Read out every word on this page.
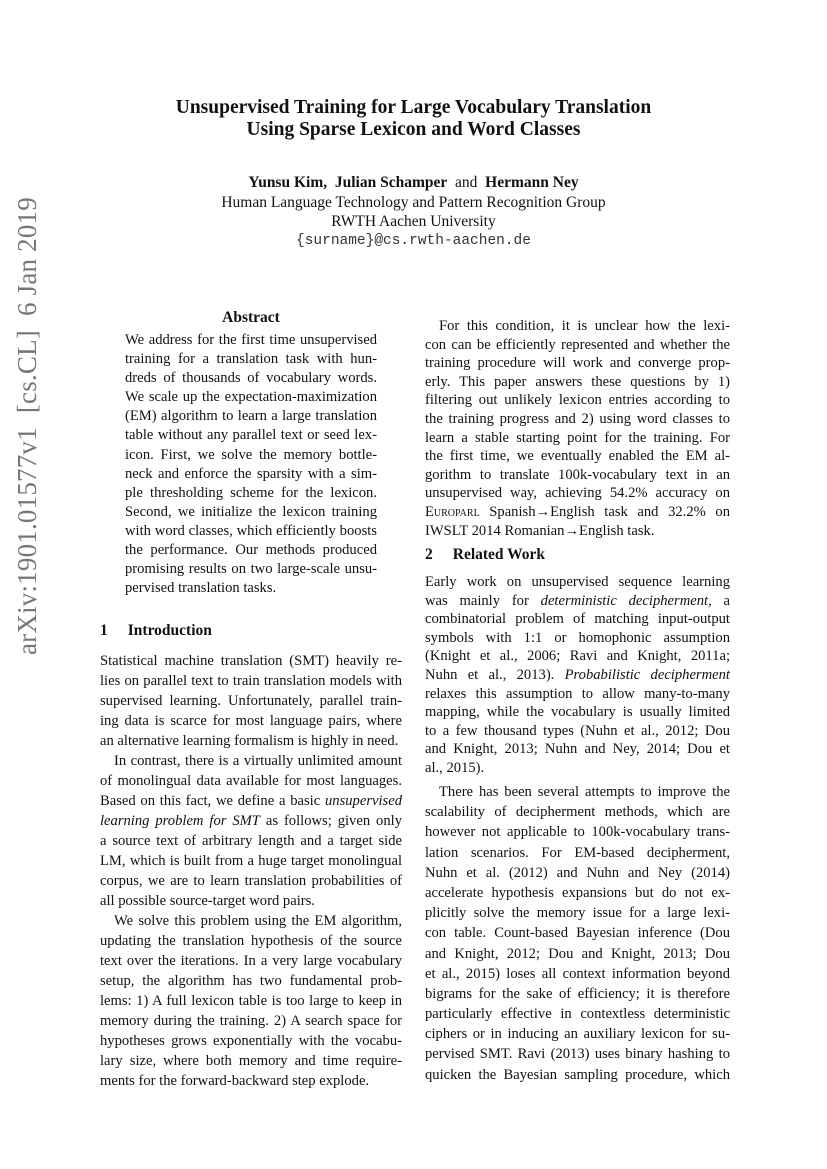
arXiv:1901.01577v1[cs.CL]6 Jan 2019
Unsupervised Training for Large Vocabulary Translation
Using Sparse Lexicon and Word Classes
Yunsu Kim, Julian Schamper and Hermann Ney
Human Language Technology and Pattern Recognition Group
RWTH Aachen University
{surname}@cs.rwth-aachen.de
Abstract
We address for the first time unsupervised
training for a translation task with hun-
dreds of thousands of vocabulary words.
We scale up the expectation-maximization
(EM) algorithm to learn a large translation
table without any parallel text or seed lex-
icon. First, we solve the memory bottle-
neck and enforce the sparsity with a sim-
ple thresholding scheme for the lexicon.
Second, we initialize the lexicon training
with word classes, which efficiently boosts
the performance. Our methods produced
promising results on two large-scale unsu-
pervised translation tasks.
1 Introduction
Statistical machine translation (SMT) heavily re-
lies on parallel text to train translation models with
supervised learning. Unfortunately, parallel train-
ing data is scarce for most language pairs, where
an alternative learning formalism is highly in need.
In contrast, there is a virtually unlimited amount
of monolingual data available for most languages.
Based on this fact, we define a basic unsupervised
learning problem for SMT as follows; given only
a source text of arbitrary length and a target side
LM, which is built from a huge target monolingual
corpus, we are to learn translation probabilities of
all possible source-target word pairs.
We solve this problem using the EM algorithm,
updating the translation hypothesis of the source
text over the iterations. In a very large vocabulary
setup, the algorithm has two fundamental prob-
lems: 1) A full lexicon table is too large to keep in
memory during the training. 2) A search space for
hypotheses grows exponentially with the vocabu-
lary size, where both memory and time require-
ments for the forward-backward step explode.
For this condition, it is unclear how the lexi-
con can be efficiently represented and whether the
training procedure will work and converge prop-
erly. This paper answers these questions by 1)
filtering out unlikely lexicon entries according to
the training progress and 2) using word classes to
learn a stable starting point for the training. For
the first time, we eventually enabled the EM al-
gorithm to translate 100k-vocabulary text in an
unsupervised way, achieving 54.2% accuracy on
Europarl Spanish→English task and 32.2% on
IWSLT 2014 Romanian→English task.
2 Related Work
Early work on unsupervised sequence learning
was mainly for deterministic decipherment, a
combinatorial problem of matching input-output
symbols with 1:1 or homophonic assumption
(Knight et al., 2006; Ravi and Knight, 2011a;
Nuhn et al., 2013). Probabilistic decipherment
relaxes this assumption to allow many-to-many
mapping, while the vocabulary is usually limited
to a few thousand types (Nuhn et al., 2012; Dou
and Knight, 2013; Nuhn and Ney, 2014; Dou et
al., 2015).
There has been several attempts to improve the
scalability of decipherment methods, which are
however not applicable to 100k-vocabulary trans-
lation scenarios. For EM-based decipherment,
Nuhn et al. (2012) and Nuhn and Ney (2014)
accelerate hypothesis expansions but do not ex-
plicitly solve the memory issue for a large lexi-
con table. Count-based Bayesian inference (Dou
and Knight, 2012; Dou and Knight, 2013; Dou
et al., 2015) loses all context information beyond
bigrams for the sake of efficiency; it is therefore
particularly effective in contextless deterministic
ciphers or in inducing an auxiliary lexicon for su-
pervised SMT. Ravi (2013) uses binary hashing to
quicken the Bayesian sampling procedure, which
